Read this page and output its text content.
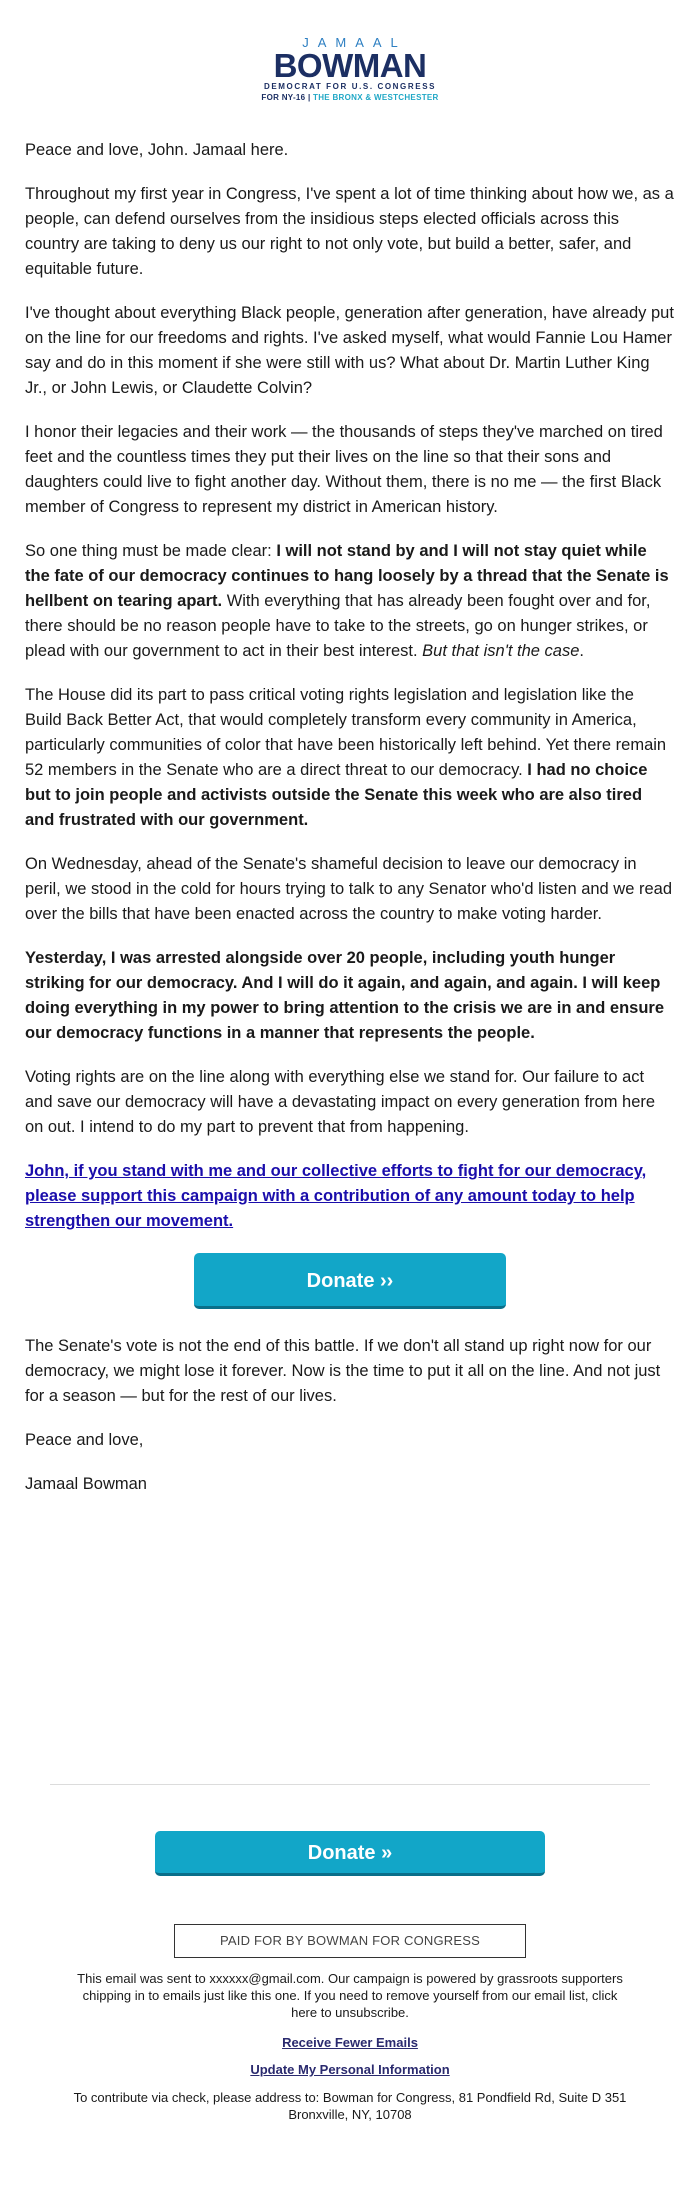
JAMAAL
BOWMAN
DEMOCRAT FOR U.S. CONGRESS
FOR NY-16 | THE BRONX & WESTCHESTER

Peace and love, John. Jamaal here.

Throughout my first year in Congress, I've spent a lot of time thinking about how we, as a people, can defend ourselves from the insidious steps elected officials across this country are taking to deny us our right to not only vote, but build a better, safer, and equitable future.

I've thought about everything Black people, generation after generation, have already put on the line for our freedoms and rights. I've asked myself, what would Fannie Lou Hamer say and do in this moment if she were still with us? What about Dr. Martin Luther King Jr., or John Lewis, or Claudette Colvin?

I honor their legacies and their work — the thousands of steps they've marched on tired feet and the countless times they put their lives on the line so that their sons and daughters could live to fight another day. Without them, there is no me — the first Black member of Congress to represent my district in American history.

So one thing must be made clear: I will not stand by and I will not stay quiet while the fate of our democracy continues to hang loosely by a thread that the Senate is hellbent on tearing apart. With everything that has already been fought over and for, there should be no reason people have to take to the streets, go on hunger strikes, or plead with our government to act in their best interest. But that isn't the case.

The House did its part to pass critical voting rights legislation and legislation like the Build Back Better Act, that would completely transform every community in America, particularly communities of color that have been historically left behind. Yet there remain 52 members in the Senate who are a direct threat to our democracy. I had no choice but to join people and activists outside the Senate this week who are also tired and frustrated with our government.

On Wednesday, ahead of the Senate's shameful decision to leave our democracy in peril, we stood in the cold for hours trying to talk to any Senator who'd listen and we read over the bills that have been enacted across the country to make voting harder.

Yesterday, I was arrested alongside over 20 people, including youth hunger striking for our democracy. And I will do it again, and again, and again. I will keep doing everything in my power to bring attention to the crisis we are in and ensure our democracy functions in a manner that represents the people.

Voting rights are on the line along with everything else we stand for. Our failure to act and save our democracy will have a devastating impact on every generation from here on out. I intend to do my part to prevent that from happening.

John, if you stand with me and our collective efforts to fight for our democracy, please support this campaign with a contribution of any amount today to help strengthen our movement.

Donate ››

The Senate's vote is not the end of this battle. If we don't all stand up right now for our democracy, we might lose it forever. Now is the time to put it all on the line. And not just for a season — but for the rest of our lives.

Peace and love,

Jamaal Bowman

Donate »
PAID FOR BY BOWMAN FOR CONGRESS
This email was sent to xxxxxx@gmail.com. Our campaign is powered by grassroots supporters chipping in to emails just like this one. If you need to remove yourself from our email list, click here to unsubscribe.
Receive Fewer Emails
Update My Personal Information
To contribute via check, please address to: Bowman for Congress, 81 Pondfield Rd, Suite D 351 Bronxville, NY, 10708
